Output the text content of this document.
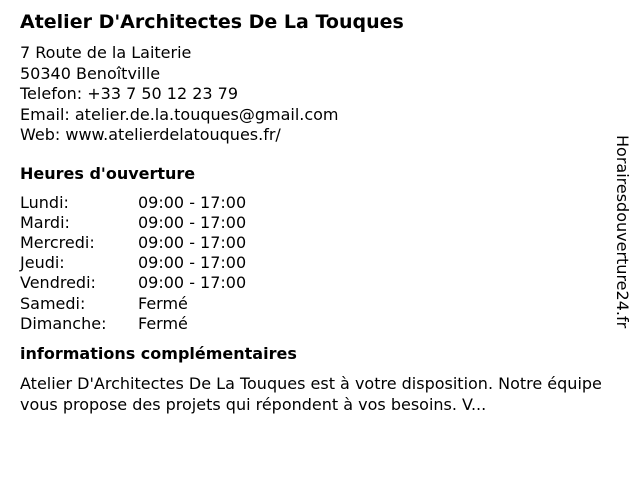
Atelier D'Architectes De La Touques
7 Route de la Laiterie
50340 Benoîtville
Telefon: +33 7 50 12 23 79
Email: atelier.de.la.touques@gmail.com
Web: www.atelierdelatouques.fr/
Heures d'ouverture
Lundi:	09:00 - 17:00
Mardi:	09:00 - 17:00
Mercredi:	09:00 - 17:00
Jeudi:	09:00 - 17:00
Vendredi:	09:00 - 17:00
Samedi:	Fermé
Dimanche:	Fermé
informations complémentaires
Atelier D'Architectes De La Touques est à votre disposition. Notre équipe vous propose des projets qui répondent à vos besoins. V...
Horairesdouverture24.fr
